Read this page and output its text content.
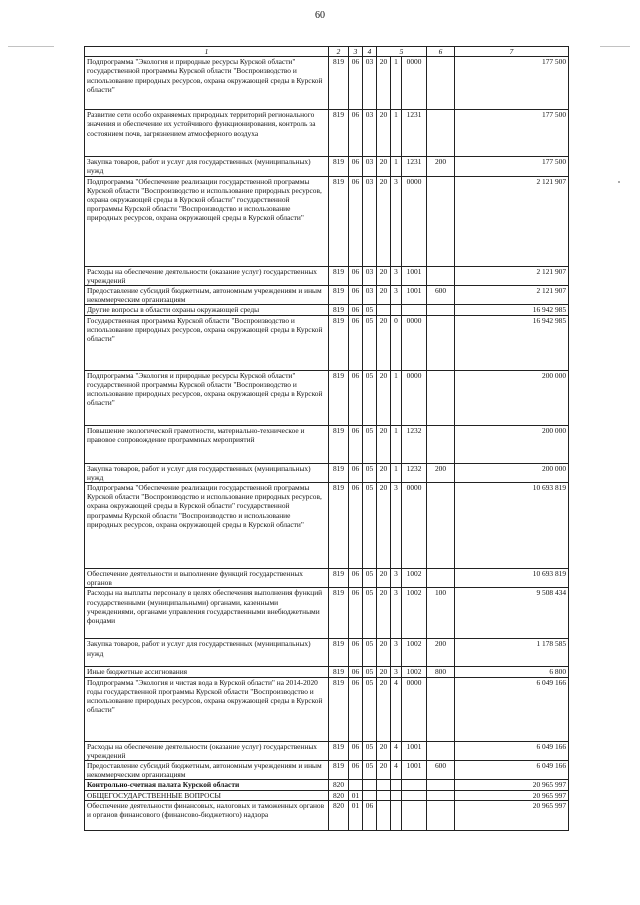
60
1	2	3	4	5			6	7
Подпрограмма "Экология и природные ресурсы Курской области" государственной программы Курской области "Воспроизводство и использование природных ресурсов, охрана окружающей среды в Курской области"	819	06	03	20	1	0000		177 500
Развитие сети особо охраняемых природных территорий регионального значения и обеспечение их устойчивого функционирования, контроль за состоянием почв, загрязнением атмосферного воздуха	819	06	03	20	1	1231		177 500
Закупка товаров, работ и услуг для государственных (муниципальных) нужд	819	06	03	20	1	1231	200	177 500
Подпрограмма "Обеспечение реализации государственной программы Курской области "Воспроизводство и использование природных ресурсов, охрана окружающей среды в Курской области" государственной программы Курской области "Воспроизводство и использование природных ресурсов, охрана окружающей среды в Курской области"	819	06	03	20	3	0000		2 121 907
Расходы на обеспечение деятельности (оказание услуг) государственных учреждений	819	06	03	20	3	1001		2 121 907
Предоставление субсидий бюджетным, автономным учреждениям и иным некоммерческим организациям	819	06	03	20	3	1001	600	2 121 907
Другие вопросы в области охраны окружающей среды	819	06	05					16 942 985
Государственная программа Курской области "Воспроизводство и использование природных ресурсов, охрана окружающей среды в Курской области"	819	06	05	20	0	0000		16 942 985
Подпрограмма "Экология и природные ресурсы Курской области" государственной программы Курской области "Воспроизводство и использование природных ресурсов, охрана окружающей среды в Курской области"	819	06	05	20	1	0000		200 000
Повышение экологической грамотности, материально-техническое и правовое сопровождение программных мероприятий	819	06	05	20	1	1232		200 000
Закупка товаров, работ и услуг для государственных (муниципальных) нужд	819	06	05	20	1	1232	200	200 000
Подпрограмма "Обеспечение реализации государственной программы Курской области "Воспроизводство и использование природных ресурсов, охрана окружающей среды в Курской области" государственной программы Курской области "Воспроизводство и использование природных ресурсов, охрана окружающей среды в Курской области"	819	06	05	20	3	0000		10 693 819
Обеспечение деятельности и выполнение функций государственных органов	819	06	05	20	3	1002		10 693 819
Расходы на выплаты персоналу в целях обеспечения выполнения функций государственными (муниципальными) органами, казенными учреждениями, органами управления государственными внебюджетными фондами	819	06	05	20	3	1002	100	9 508 434
Закупка товаров, работ и услуг для государственных (муниципальных) нужд	819	06	05	20	3	1002	200	1 178 585
Иные бюджетные ассигнования	819	06	05	20	3	1002	800	6 800
Подпрограмма "Экология и чистая вода в Курской области" на 2014-2020 годы государственной программы Курской области "Воспроизводство и использование природных ресурсов, охрана окружающей среды в Курской области"	819	06	05	20	4	0000		6 049 166
Расходы на обеспечение деятельности (оказание услуг) государственных учреждений	819	06	05	20	4	1001		6 049 166
Предоставление субсидий бюджетным, автономным учреждениям и иным некоммерческим организациям	819	06	05	20	4	1001	600	6 049 166
Контрольно-счетная палата Курской области	820							20 965 997
ОБЩЕГОСУДАРСТВЕННЫЕ ВОПРОСЫ	820	01						20 965 997
Обеспечение деятельности финансовых, налоговых и таможенных органов и органов финансового (финансово-бюджетного) надзора	820	01	06					20 965 997
